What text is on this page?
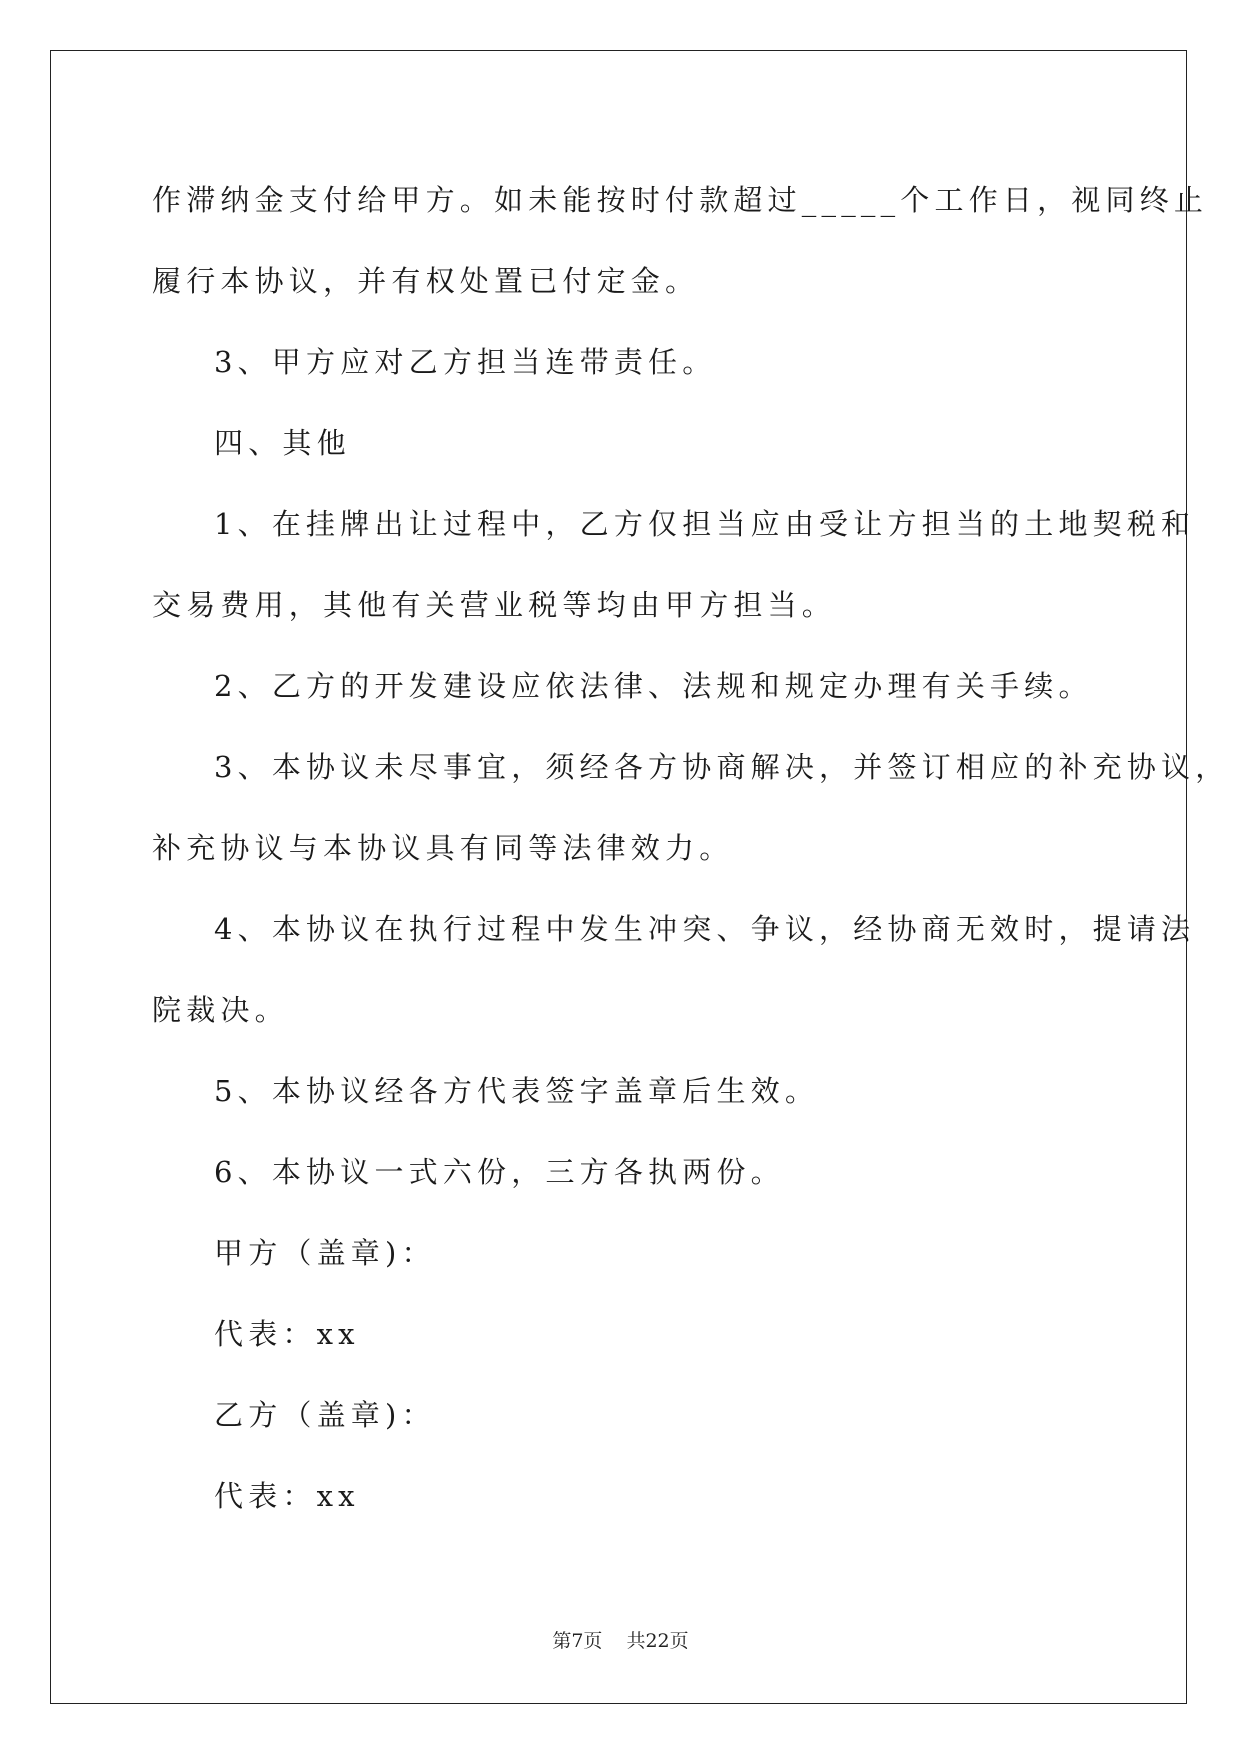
作滞纳金支付给甲方。如未能按时付款超过_____个工作日，视同终止
履行本协议，并有权处置已付定金。
3、甲方应对乙方担当连带责任。
四、其他
1、在挂牌出让过程中，乙方仅担当应由受让方担当的土地契税和
交易费用，其他有关营业税等均由甲方担当。
2、乙方的开发建设应依法律、法规和规定办理有关手续。
3、本协议未尽事宜，须经各方协商解决，并签订相应的补充协议，
补充协议与本协议具有同等法律效力。
4、本协议在执行过程中发生冲突、争议，经协商无效时，提请法
院裁决。
5、本协议经各方代表签字盖章后生效。
6、本协议一式六份，三方各执两份。
甲方（盖章)：
代表：xx
乙方（盖章)：
代表：xx
第7页 共22页
